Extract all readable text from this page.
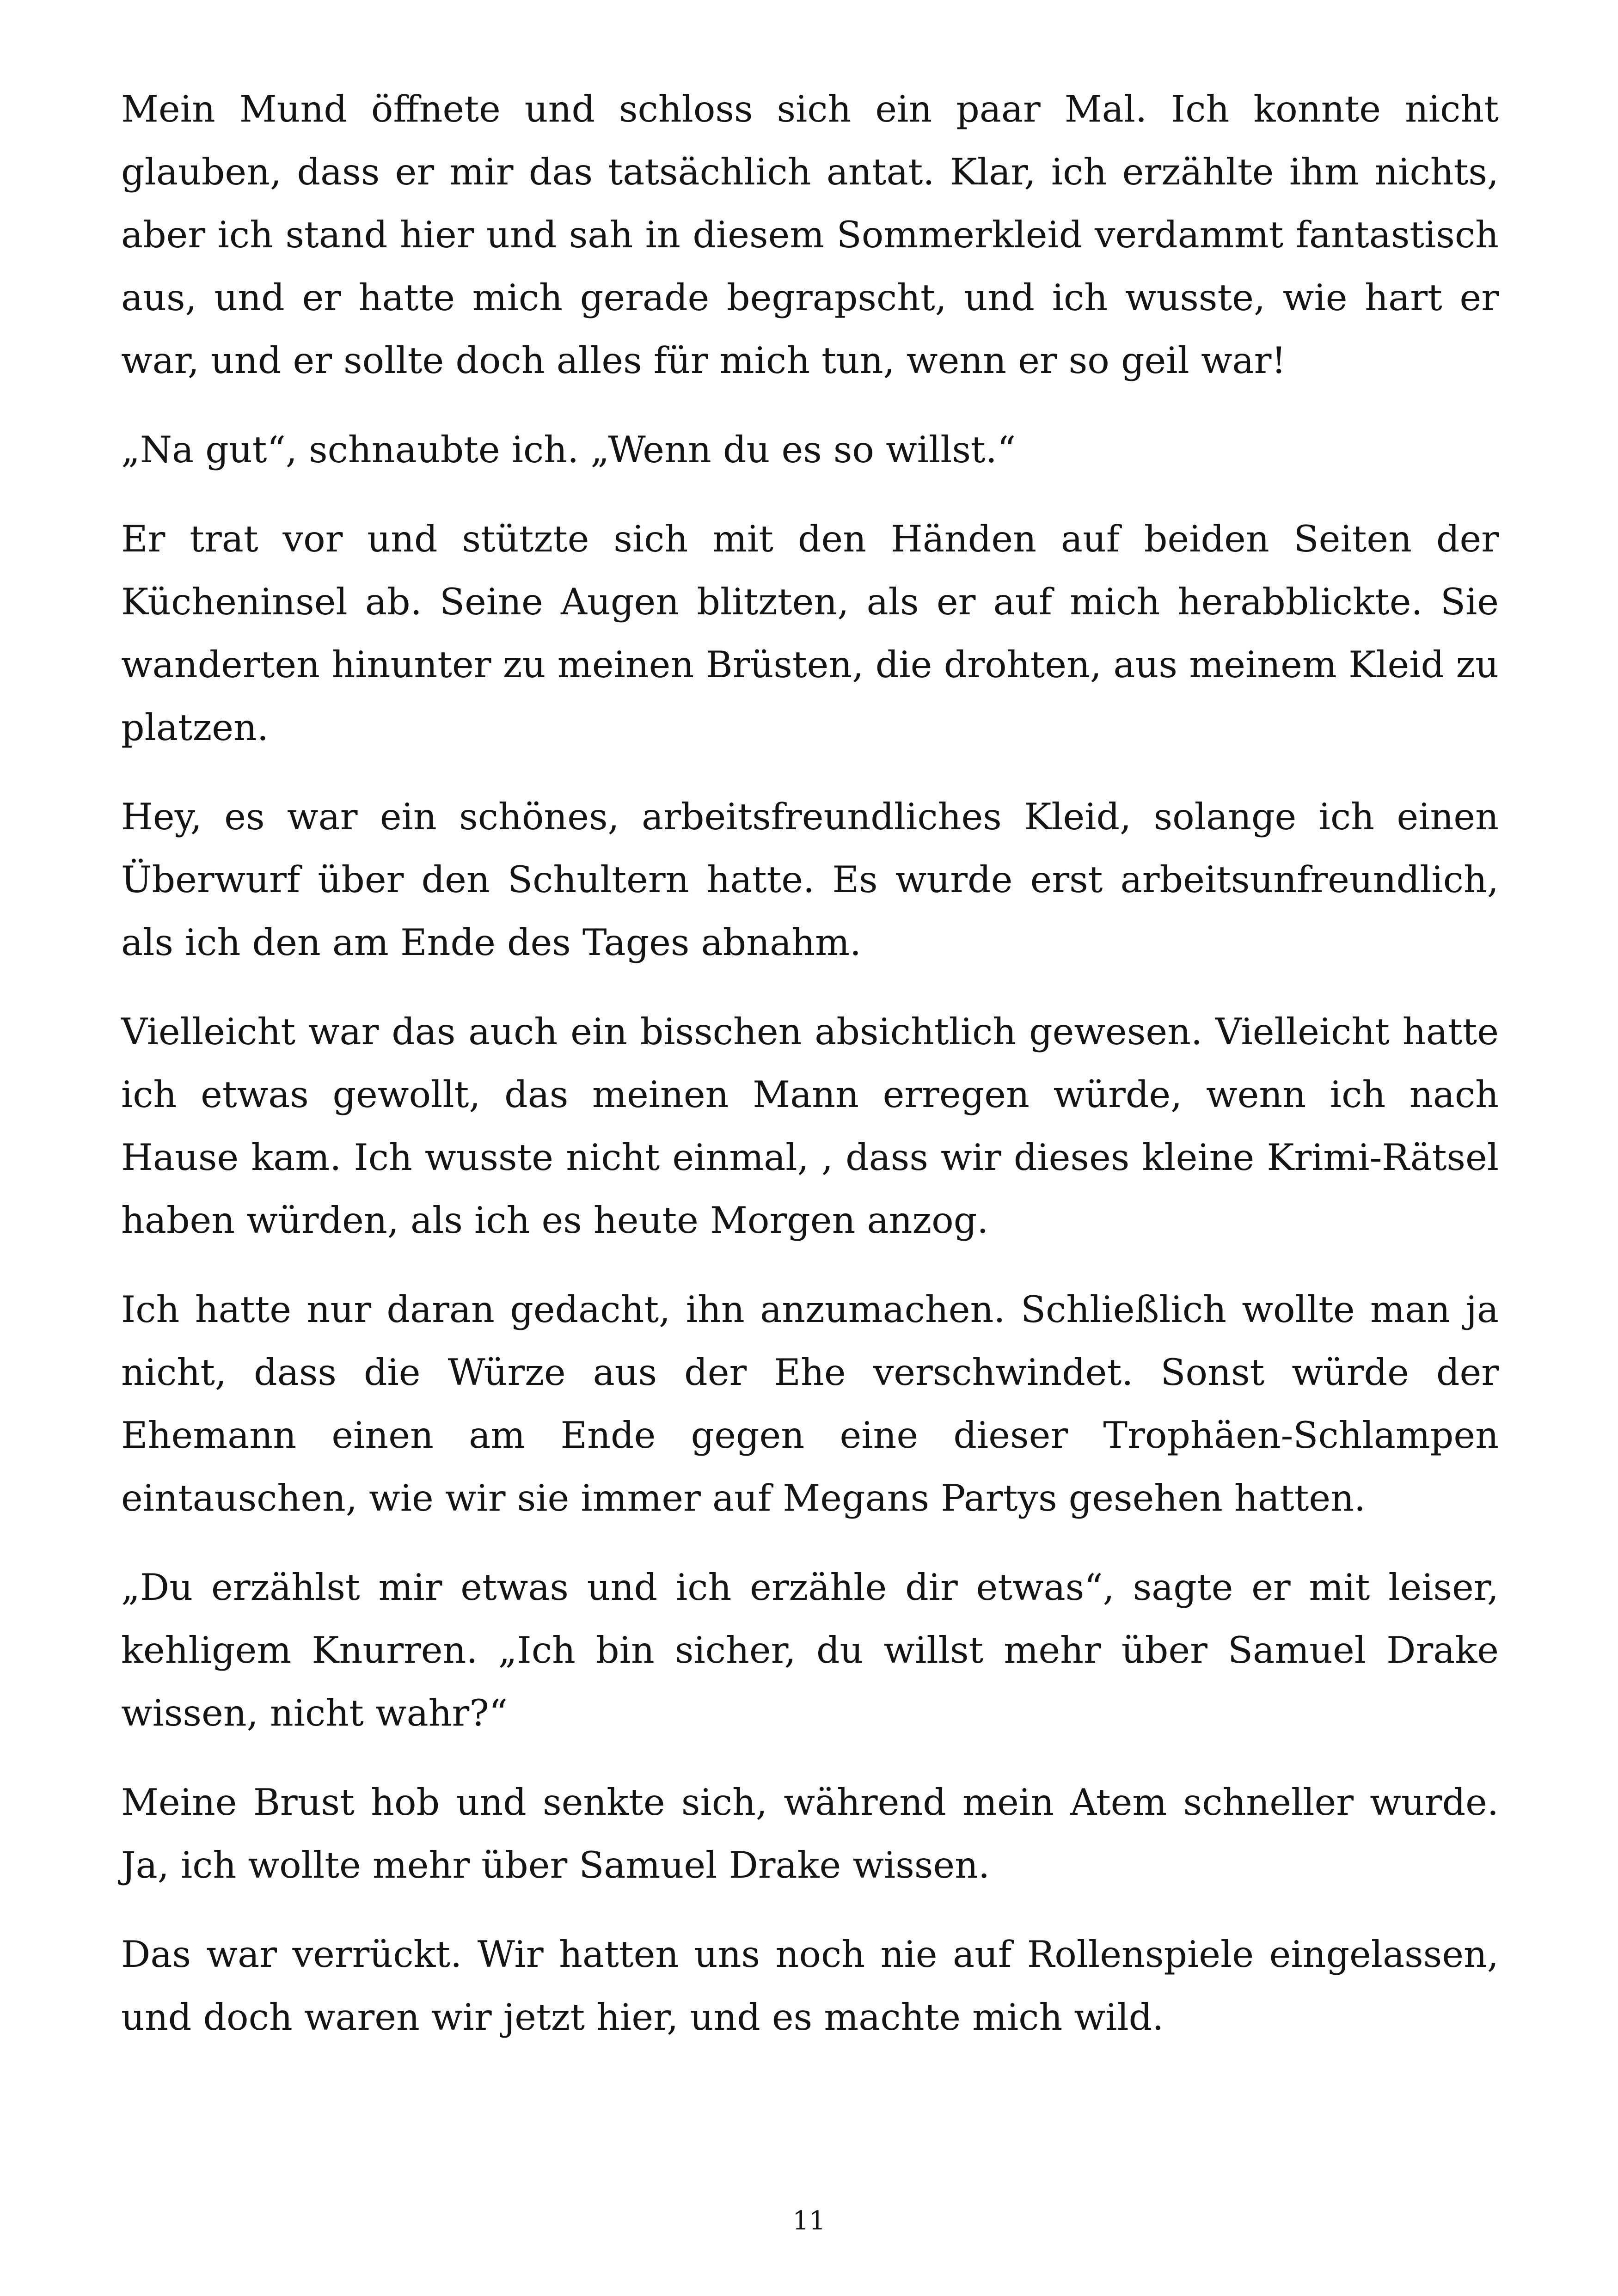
Mein Mund öffnete und schloss sich ein paar Mal. Ich konnte nicht glauben, dass er mir das tatsächlich antat. Klar, ich erzählte ihm nichts, aber ich stand hier und sah in diesem Sommerkleid verdammt fantastisch aus, und er hatte mich gerade begrapscht, und ich wusste, wie hart er war, und er sollte doch alles für mich tun, wenn er so geil war!

„Na gut“, schnaubte ich. „Wenn du es so willst.“

Er trat vor und stützte sich mit den Händen auf beiden Seiten der Kücheninsel ab. Seine Augen blitzten, als er auf mich herabblickte. Sie wanderten hinunter zu meinen Brüsten, die drohten, aus meinem Kleid zu platzen.

Hey, es war ein schönes, arbeitsfreundliches Kleid, solange ich einen Überwurf über den Schultern hatte. Es wurde erst arbeitsunfreundlich, als ich den am Ende des Tages abnahm.

Vielleicht war das auch ein bisschen absichtlich gewesen. Vielleicht hatte ich etwas gewollt, das meinen Mann erregen würde, wenn ich nach Hause kam. Ich wusste nicht einmal, , dass wir dieses kleine Krimi-Rätsel haben würden, als ich es heute Morgen anzog.

Ich hatte nur daran gedacht, ihn anzumachen. Schließlich wollte man ja nicht, dass die Würze aus der Ehe verschwindet. Sonst würde der Ehemann einen am Ende gegen eine dieser Trophäen-Schlampen eintauschen, wie wir sie immer auf Megans Partys gesehen hatten.

„Du erzählst mir etwas und ich erzähle dir etwas“, sagte er mit leiser, kehligem Knurren. „Ich bin sicher, du willst mehr über Samuel Drake wissen, nicht wahr?“

Meine Brust hob und senkte sich, während mein Atem schneller wurde. Ja, ich wollte mehr über Samuel Drake wissen.

Das war verrückt. Wir hatten uns noch nie auf Rollenspiele eingelassen, und doch waren wir jetzt hier, und es machte mich wild.

11
